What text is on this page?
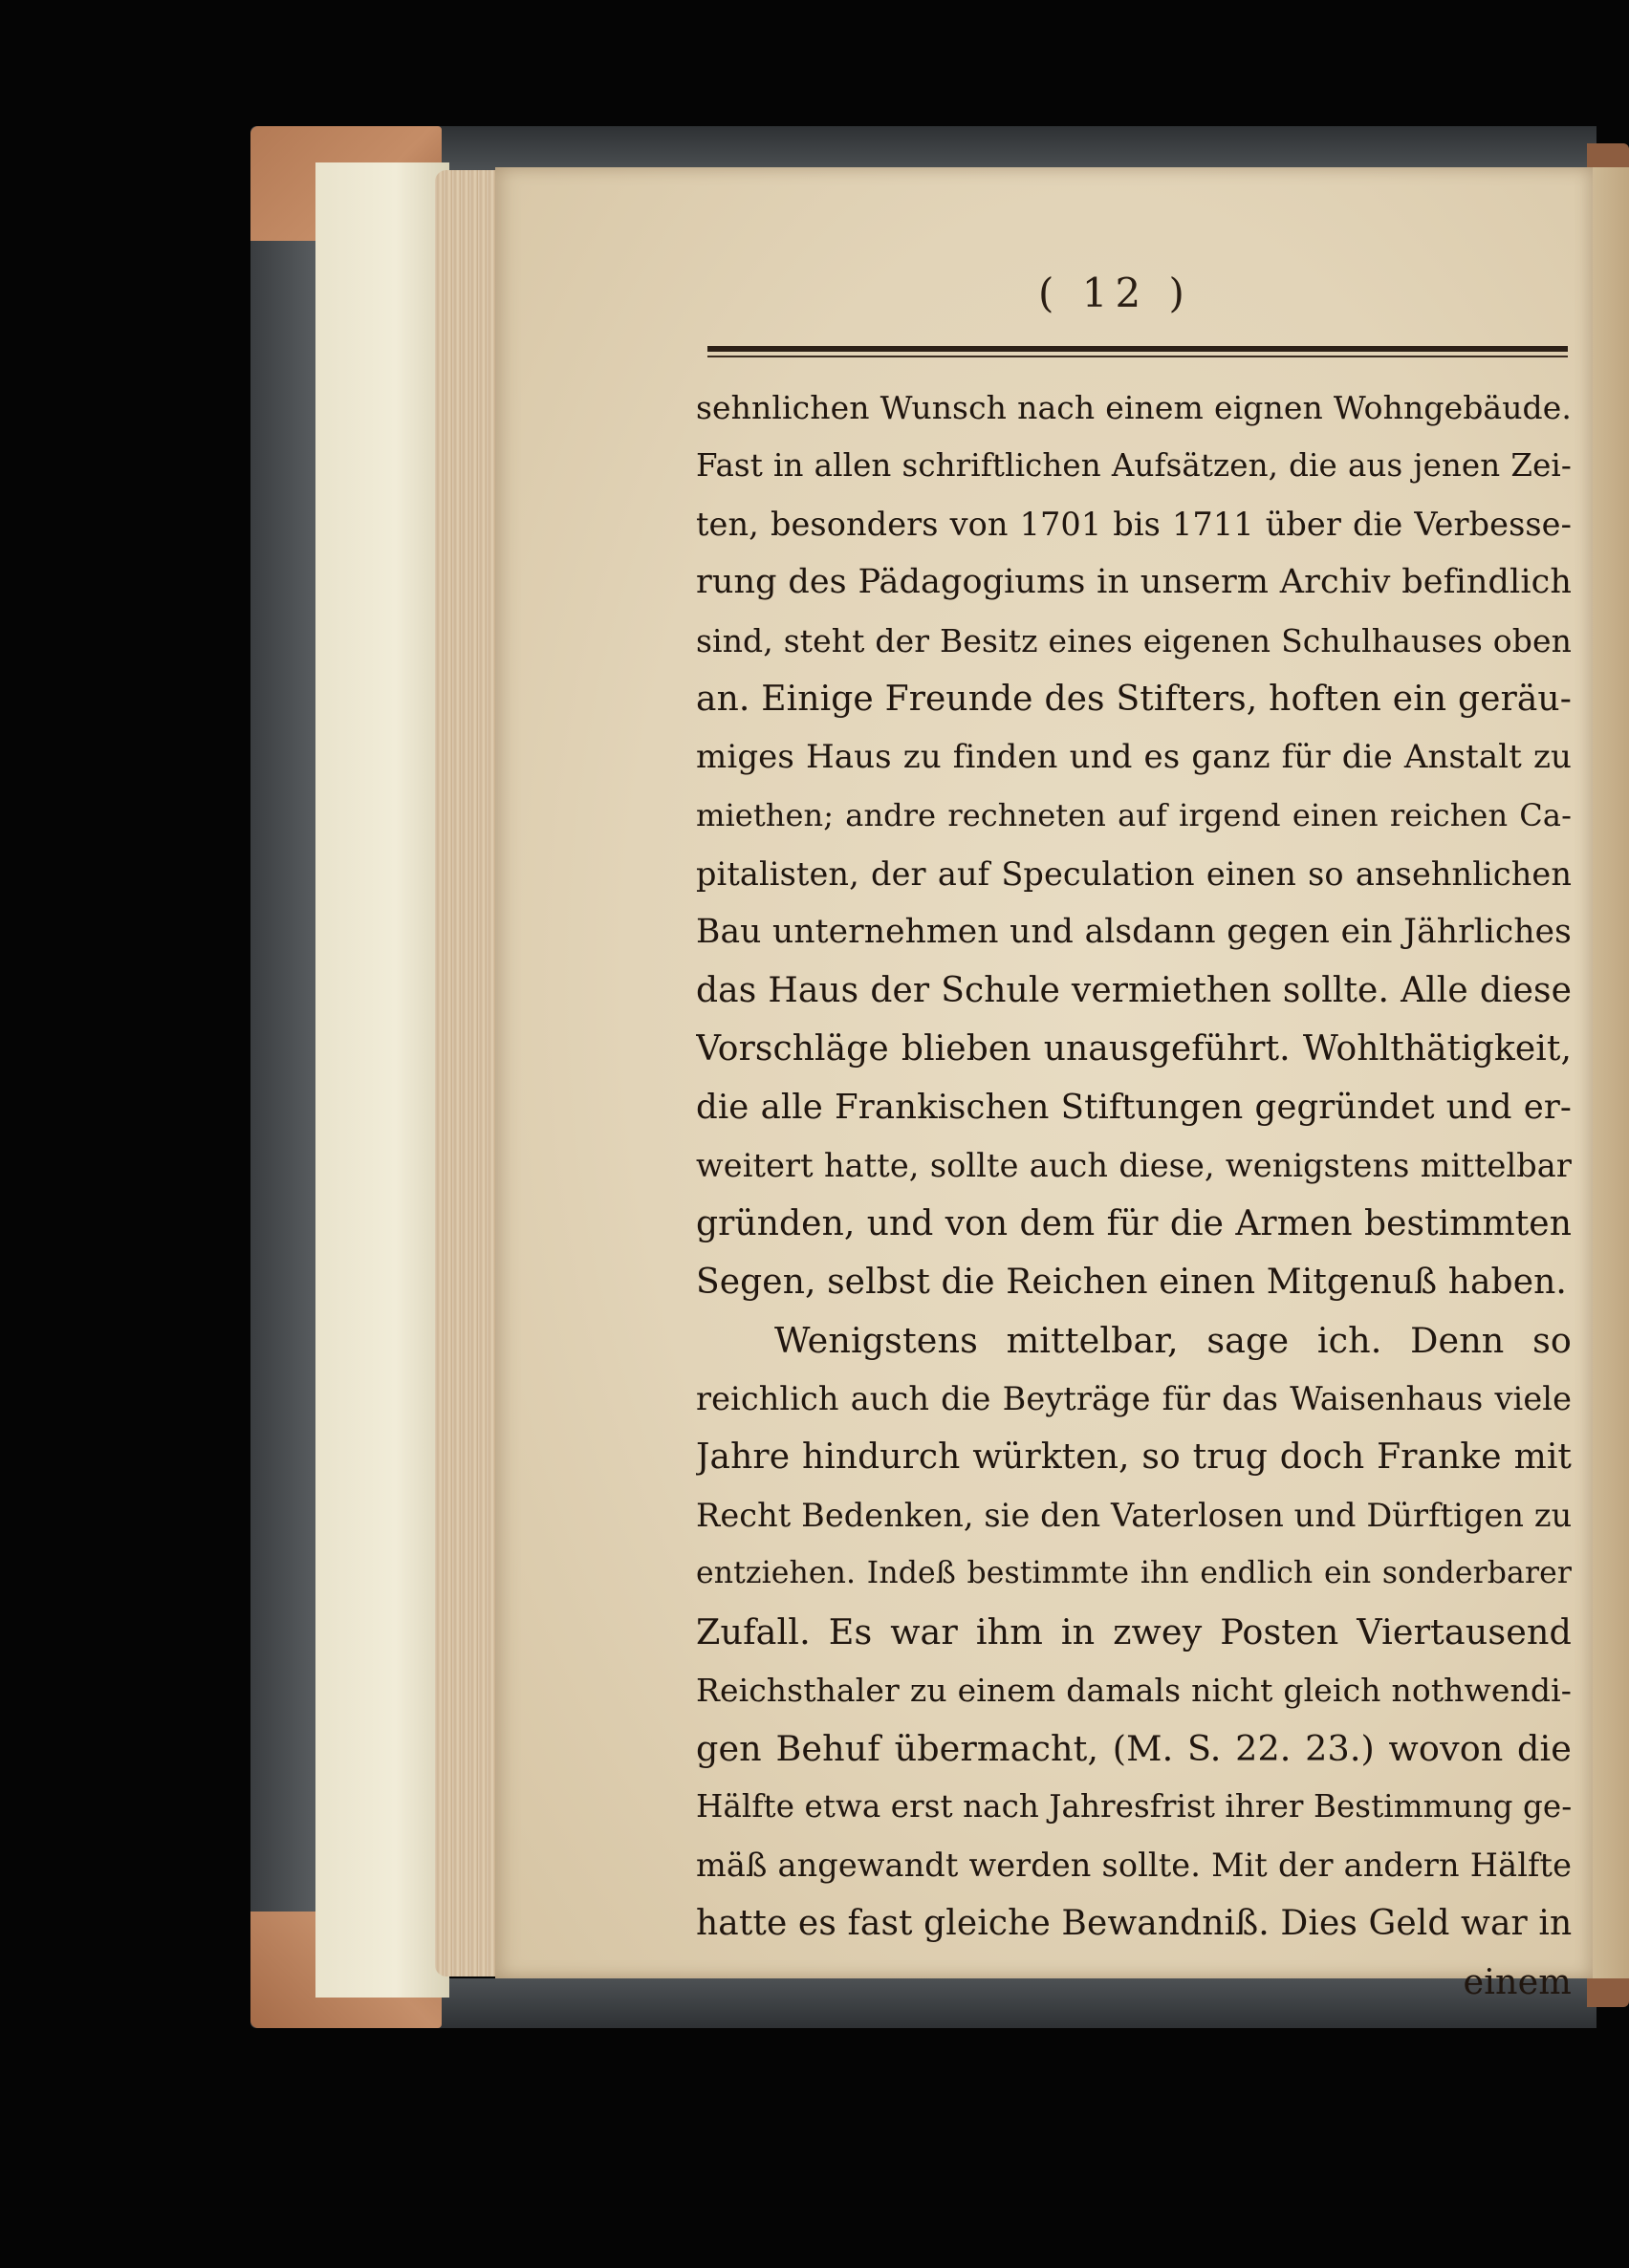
( 12 )
sehnlichen Wunsch nach einem eignen Wohngebäude.
Fast in allen schriftlichen Aufsätzen, die aus jenen Zei-
ten, besonders von 1701 bis 1711 über die Verbesse-
rung des Pädagogiums in unserm Archiv befindlich
sind, steht der Besitz eines eigenen Schulhauses oben
an. Einige Freunde des Stifters, hoften ein geräu-
miges Haus zu finden und es ganz für die Anstalt zu
miethen; andre rechneten auf irgend einen reichen Ca-
pitalisten, der auf Speculation einen so ansehnlichen
Bau unternehmen und alsdann gegen ein Jährliches
das Haus der Schule vermiethen sollte. Alle diese
Vorschläge blieben unausgeführt. Wohlthätigkeit,
die alle Frankischen Stiftungen gegründet und er-
weitert hatte, sollte auch diese, wenigstens mittelbar
gründen, und von dem für die Armen bestimmten
Segen, selbst die Reichen einen Mitgenuß haben.
Wenigstens mittelbar, sage ich. Denn so
reichlich auch die Beyträge für das Waisenhaus viele
Jahre hindurch würkten, so trug doch Franke mit
Recht Bedenken, sie den Vaterlosen und Dürftigen zu
entziehen. Indeß bestimmte ihn endlich ein sonderbarer
Zufall. Es war ihm in zwey Posten Viertausend
Reichsthaler zu einem damals nicht gleich nothwendi-
gen Behuf übermacht, (M. S. 22. 23.) wovon die
Hälfte etwa erst nach Jahresfrist ihrer Bestimmung ge-
mäß angewandt werden sollte. Mit der andern Hälfte
hatte es fast gleiche Bewandniß. Dies Geld war in
einem
